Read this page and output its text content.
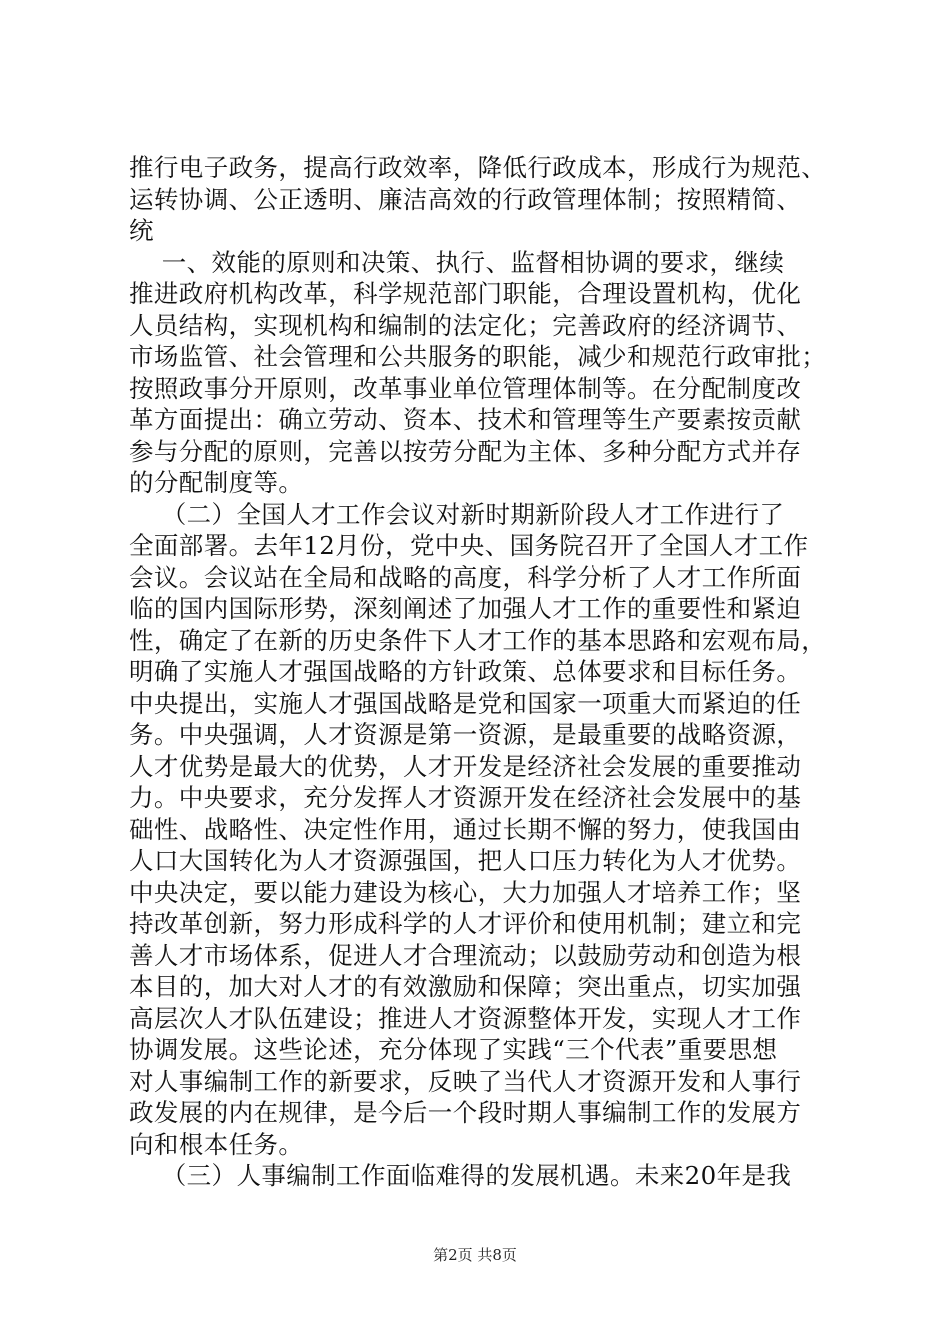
推行电子政务，提高行政效率，降低行政成本，形成行为规范、
运转协调、公正透明、廉洁高效的行政管理体制；按照精简、
统
一、效能的原则和决策、执行、监督相协调的要求，继续
推进政府机构改革，科学规范部门职能，合理设置机构，优化
人员结构，实现机构和编制的法定化；完善政府的经济调节、
市场监管、社会管理和公共服务的职能，减少和规范行政审批；
按照政事分开原则，改革事业单位管理体制等。在分配制度改
革方面提出：确立劳动、资本、技术和管理等生产要素按贡献
参与分配的原则，完善以按劳分配为主体、多种分配方式并存
的分配制度等。
（二）全国人才工作会议对新时期新阶段人才工作进行了
全面部署。去年12月份，党中央、国务院召开了全国人才工作
会议。会议站在全局和战略的高度，科学分析了人才工作所面
临的国内国际形势，深刻阐述了加强人才工作的重要性和紧迫
性，确定了在新的历史条件下人才工作的基本思路和宏观布局，
明确了实施人才强国战略的方针政策、总体要求和目标任务。
中央提出，实施人才强国战略是党和国家一项重大而紧迫的任
务。中央强调，人才资源是第一资源，是最重要的战略资源，
人才优势是最大的优势，人才开发是经济社会发展的重要推动
力。中央要求，充分发挥人才资源开发在经济社会发展中的基
础性、战略性、决定性作用，通过长期不懈的努力，使我国由
人口大国转化为人才资源强国，把人口压力转化为人才优势。
中央决定，要以能力建设为核心，大力加强人才培养工作；坚
持改革创新，努力形成科学的人才评价和使用机制；建立和完
善人才市场体系，促进人才合理流动；以鼓励劳动和创造为根
本目的，加大对人才的有效激励和保障；突出重点，切实加强
高层次人才队伍建设；推进人才资源整体开发，实现人才工作
协调发展。这些论述，充分体现了实践“三个代表”重要思想
对人事编制工作的新要求，反映了当代人才资源开发和人事行
政发展的内在规律，是今后一个段时期人事编制工作的发展方
向和根本任务。
（三）人事编制工作面临难得的发展机遇。未来20年是我
第2页 共8页
